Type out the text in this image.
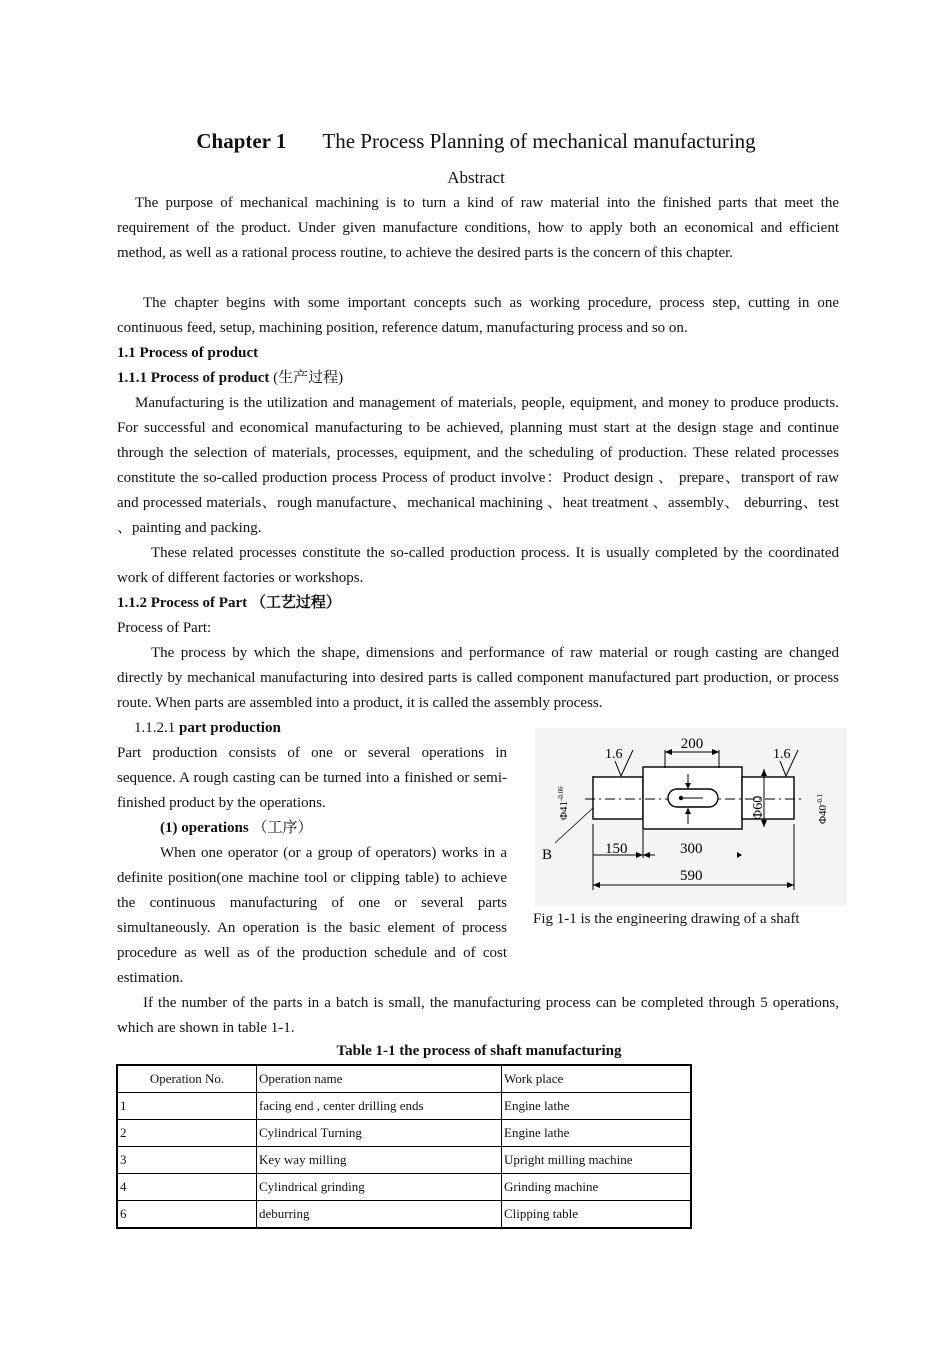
Chapter 1 The Process Planning of mechanical manufacturing
Abstract

The purpose of mechanical machining is to turn a kind of raw material into the finished parts that meet the requirement of the product. Under given manufacture conditions, how to apply both an economical and efficient method, as well as a rational process routine, to achieve the desired parts is the concern of this chapter.

The chapter begins with some important concepts such as working procedure, process step, cutting in one continuous feed, setup, machining position, reference datum, manufacturing process and so on.

1.1 Process of product
1.1.1 Process of product (生产过程)

Manufacturing is the utilization and management of materials, people, equipment, and money to produce products. For successful and economical manufacturing to be achieved, planning must start at the design stage and continue through the selection of materials, processes, equipment, and the scheduling of production. These related processes constitute the so-called production process Process of product involve：Product design 、 prepare、transport of raw and processed materials、rough manufacture、mechanical machining 、heat treatment 、assembly、 deburring、test 、painting and packing.

These related processes constitute the so-called production process. It is usually completed by the coordinated work of different factories or workshops.

1.1.2 Process of Part （工艺过程）
Process of Part:

The process by which the shape, dimensions and performance of raw material or rough casting are changed directly by mechanical manufacturing into desired parts is called component manufactured part production, or process route. When parts are assembled into a product, it is called the assembly process.

1.1.2.1 part production

Part production consists of one or several operations in sequence. A rough casting can be turned into a finished or semi-finished product by the operations.

(1) operations （工序）

When one operator (or a group of operators) works in a definite position(one machine tool or clipping table) to achieve the continuous manufacturing of one or several parts simultaneously. An operation is the basic element of process procedure as well as of the production schedule and of cost estimation.

200
1.6	1.6
$\Phi 41^{-0.06}$
Φ60	$\Phi 40^{-0.1}$
B	150	300
590
Fig 1-1 is the engineering drawing of a shaft

If the number of the parts in a batch is small, the manufacturing process can be completed through 5 operations, which are shown in table 1-1.

Table 1-1 the process of shaft manufacturing
Operation No.	Operation name	Work place
1	facing end , center drilling ends	Engine lathe
2	Cylindrical Turning	Engine lathe
3	Key way milling	Upright milling machine
4	Cylindrical grinding	Grinding machine
6	deburring	Clipping table
